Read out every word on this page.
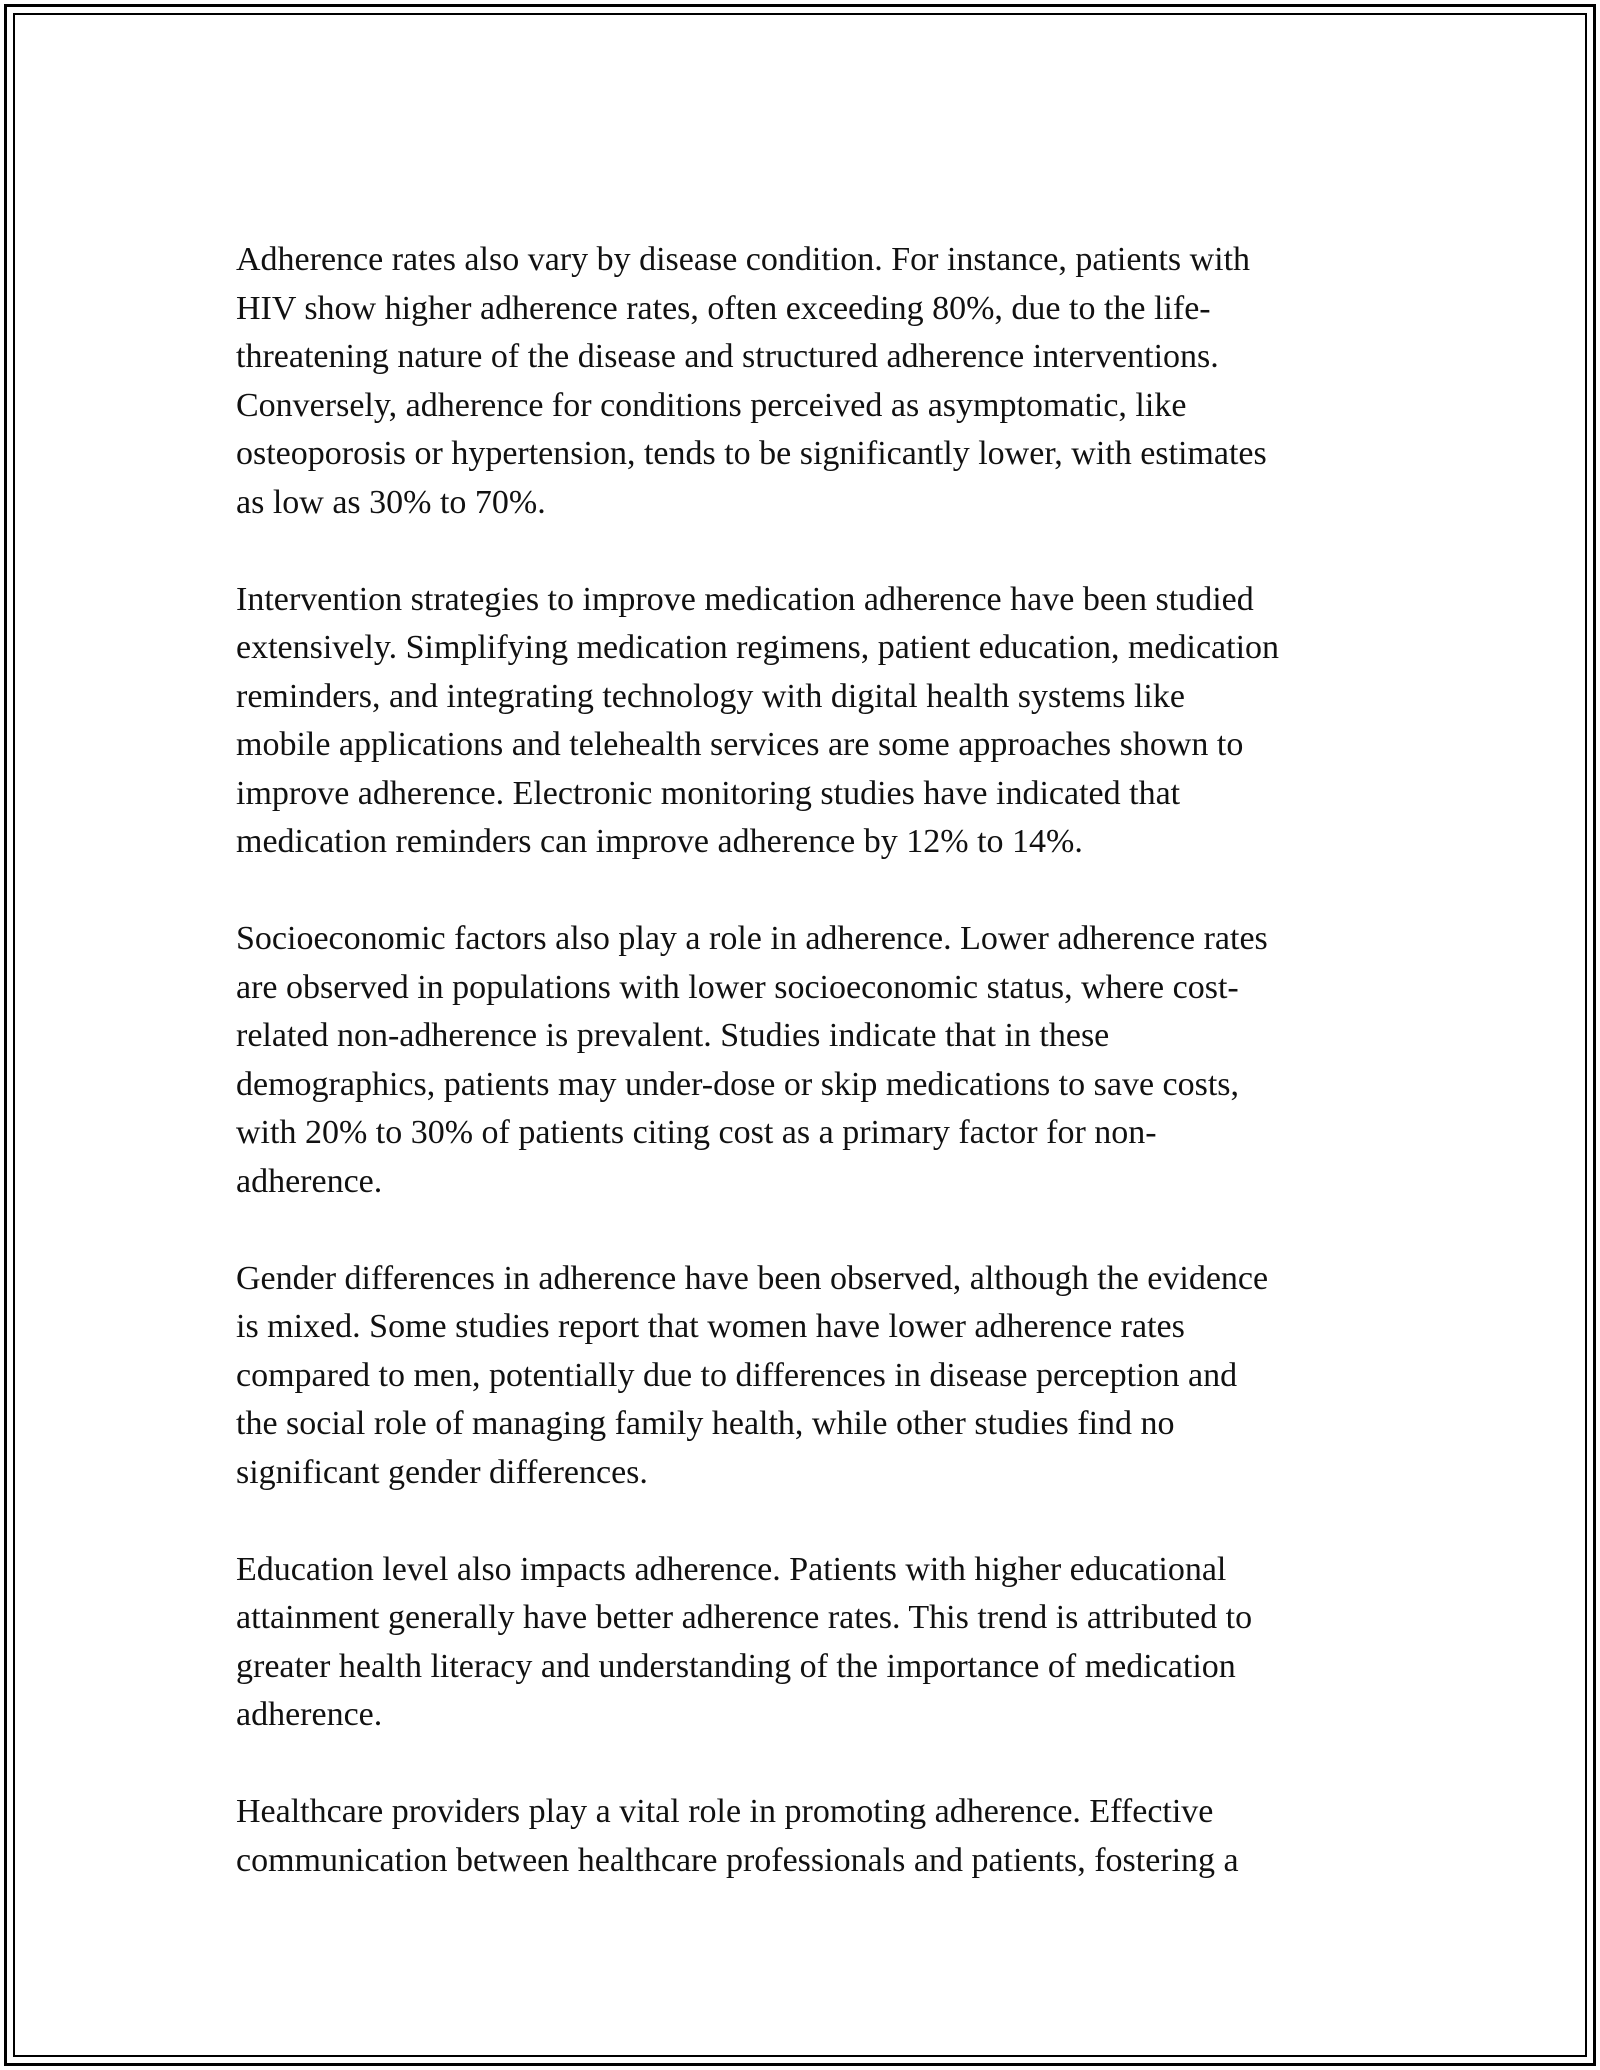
Adherence rates also vary by disease condition. For instance, patients with
HIV show higher adherence rates, often exceeding 80%, due to the life-
threatening nature of the disease and structured adherence interventions.
Conversely, adherence for conditions perceived as asymptomatic, like
osteoporosis or hypertension, tends to be significantly lower, with estimates
as low as 30% to 70%.

Intervention strategies to improve medication adherence have been studied
extensively. Simplifying medication regimens, patient education, medication
reminders, and integrating technology with digital health systems like
mobile applications and telehealth services are some approaches shown to
improve adherence. Electronic monitoring studies have indicated that
medication reminders can improve adherence by 12% to 14%.

Socioeconomic factors also play a role in adherence. Lower adherence rates
are observed in populations with lower socioeconomic status, where cost-
related non-adherence is prevalent. Studies indicate that in these
demographics, patients may under-dose or skip medications to save costs,
with 20% to 30% of patients citing cost as a primary factor for non-
adherence.

Gender differences in adherence have been observed, although the evidence
is mixed. Some studies report that women have lower adherence rates
compared to men, potentially due to differences in disease perception and
the social role of managing family health, while other studies find no
significant gender differences.

Education level also impacts adherence. Patients with higher educational
attainment generally have better adherence rates. This trend is attributed to
greater health literacy and understanding of the importance of medication
adherence.

Healthcare providers play a vital role in promoting adherence. Effective
communication between healthcare professionals and patients, fostering a
